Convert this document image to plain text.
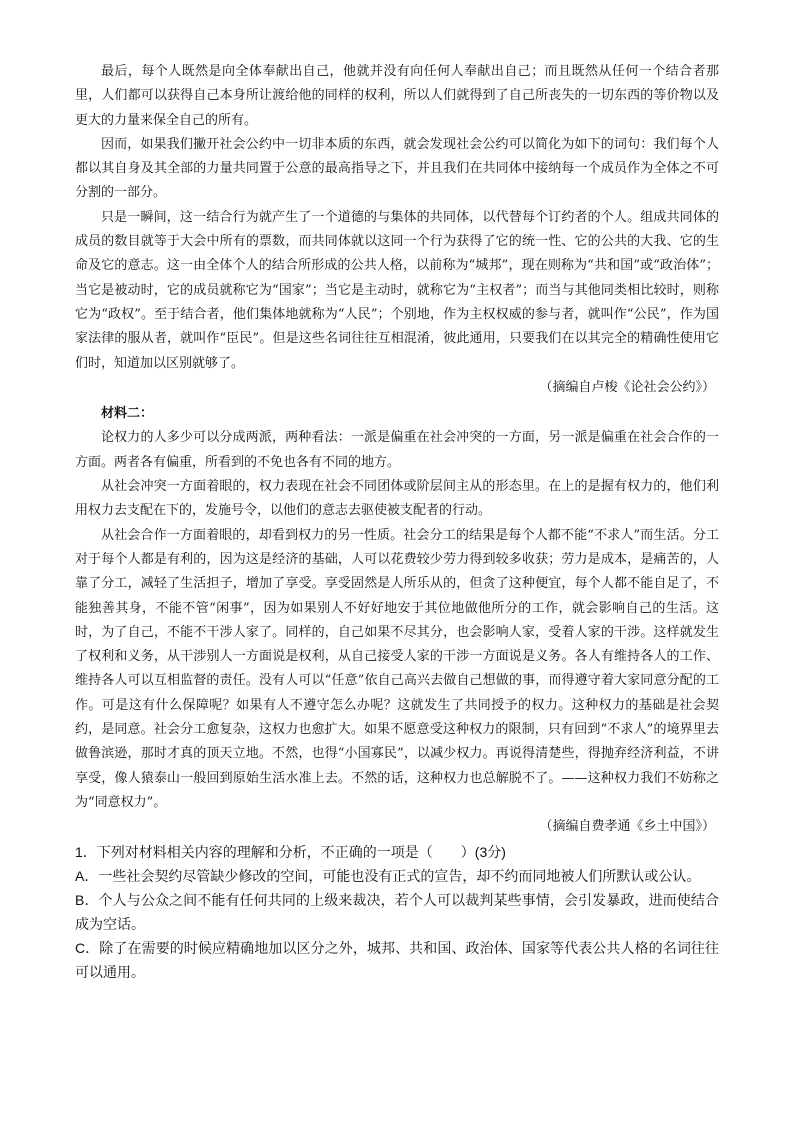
最后，每个人既然是向全体奉献出自己，他就并没有向任何人奉献出自己；而且既然从任何一个结合者那里，人们都可以获得自己本身所让渡给他的同样的权利，所以人们就得到了自己所丧失的一切东西的等价物以及更大的力量来保全自己的所有。

因而，如果我们撇开社会公约中一切非本质的东西，就会发现社会公约可以简化为如下的词句：我们每个人都以其自身及其全部的力量共同置于公意的最高指导之下，并且我们在共同体中接纳每一个成员作为全体之不可分割的一部分。

只是一瞬间，这一结合行为就产生了一个道德的与集体的共同体，以代替每个订约者的个人。组成共同体的成员的数目就等于大会中所有的票数，而共同体就以这同一个行为获得了它的统一性、它的公共的大我、它的生命及它的意志。这一由全体个人的结合所形成的公共人格，以前称为“城邦”，现在则称为“共和国”或“政治体”；当它是被动时，它的成员就称它为“国家”；当它是主动时，就称它为“主权者”；而当与其他同类相比较时，则称它为“政权”。至于结合者，他们集体地就称为“人民”；个别地，作为主权权威的参与者，就叫作“公民”，作为国家法律的服从者，就叫作“臣民”。但是这些名词往往互相混淆，彼此通用，只要我们在以其完全的精确性使用它们时，知道加以区别就够了。

（摘编自卢梭《论社会公约》）
材料二：

论权力的人多少可以分成两派，两种看法：一派是偏重在社会冲突的一方面，另一派是偏重在社会合作的一方面。两者各有偏重，所看到的不免也各有不同的地方。

从社会冲突一方面着眼的，权力表现在社会不同团体或阶层间主从的形态里。在上的是握有权力的，他们利用权力去支配在下的，发施号令，以他们的意志去驱使被支配者的行动。

从社会合作一方面着眼的，却看到权力的另一性质。社会分工的结果是每个人都不能“不求人”而生活。分工对于每个人都是有利的，因为这是经济的基础，人可以花费较少劳力得到较多收获；劳力是成本，是痛苦的，人靠了分工，减轻了生活担子，增加了享受。享受固然是人所乐从的，但贪了这种便宜，每个人都不能自足了，不能独善其身，不能不管“闲事”，因为如果别人不好好地安于其位地做他所分的工作，就会影响自己的生活。这时，为了自己，不能不干涉人家了。同样的，自己如果不尽其分，也会影响人家，受着人家的干涉。这样就发生了权利和义务，从干涉别人一方面说是权利，从自己接受人家的干涉一方面说是义务。各人有维持各人的工作、维持各人可以互相监督的责任。没有人可以“任意”依自己高兴去做自己想做的事，而得遵守着大家同意分配的工作。可是这有什么保障呢？如果有人不遵守怎么办呢？这就发生了共同授予的权力。这种权力的基础是社会契约，是同意。社会分工愈复杂，这权力也愈扩大。如果不愿意受这种权力的限制，只有回到“不求人”的境界里去做鲁滨逊，那时才真的顶天立地。不然，也得“小国寡民”，以减少权力。再说得清楚些，得抛弃经济利益，不讲享受，像人猿泰山一般回到原始生活水准上去。不然的话，这种权力也总解脱不了。——这种权力我们不妨称之为“同意权力”。

（摘编自费孝通《乡土中国》）
1．下列对材料相关内容的理解和分析，不正确的一项是（　　）(3分)
A．一些社会契约尽管缺少修改的空间，可能也没有正式的宣告，却不约而同地被人们所默认或公认。
B．个人与公众之间不能有任何共同的上级来裁决，若个人可以裁判某些事情，会引发暴政，进而使结合成为空话。
C．除了在需要的时候应精确地加以区分之外，城邦、共和国、政治体、国家等代表公共人格的名词往往可以通用。
